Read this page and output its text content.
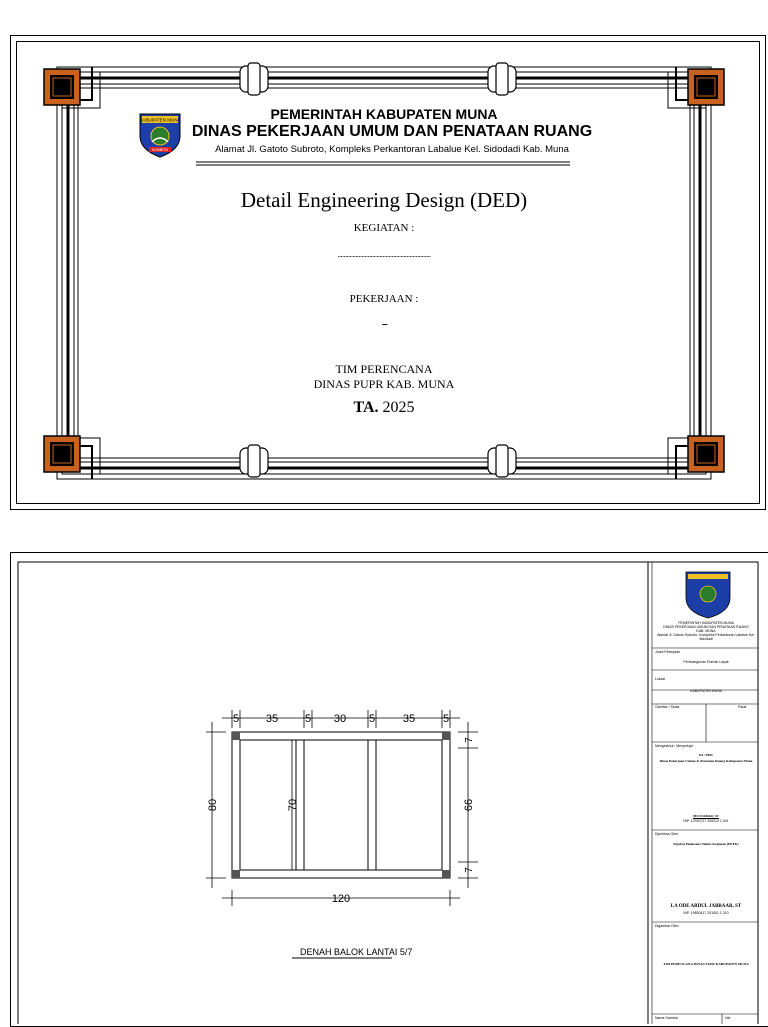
KABUPATEN MUNA
SUMBITO
PEMERINTAH KABUPATEN MUNA
DINAS PEKERJAAN UMUM DAN PENATAAN RUANG
Alamat Jl. Gatoto Subroto, Kompleks Perkantoran Labalue Kel. Sidodadi Kab. Muna
Detail Engineering Design (DED)
KEGIATAN :
..............................................................
PEKERJAAN :
..........
TIM PERENCANA
DINAS PUPR KAB. MUNA
TA. 2025
5 35 5 30 5	35	5
80	70	66
7
7
120
DENAH BALOK LANTAI 5/7
PEMERINTAH KABUPATEN MUNA
DINAS PEKERJAAN UMUM DAN PENATAAN RUANG
KAB. MUNA
Alamat Jl. Gatoto Subroto, Kompleks Perkantoran Labalue Kel. Sidodadi
Judul Pekerjaan
Pembangunan Rumah Layak
Lokasi
KABUPATEN MUNA
Gambar / Skala	Paraf
Mengetahui / Menyetujui
PA / PPK
Dinas Pekerjaan Umum & Penataan Ruang Kabupaten Muna
MUSTABAR, ST
NIP. 19760727 200012 1 001
Diperiksa Oleh
Pejabat Pelaksana Teknis Kegiatan (PPTK)
LA ODE ABDUL JABBAAR, ST
NIP. 19830417 201001 1 010
Digambar Oleh
TIM PERENCANA DINAS PUPR KABUPATEN MUNA
Nama Gambar	Hal
